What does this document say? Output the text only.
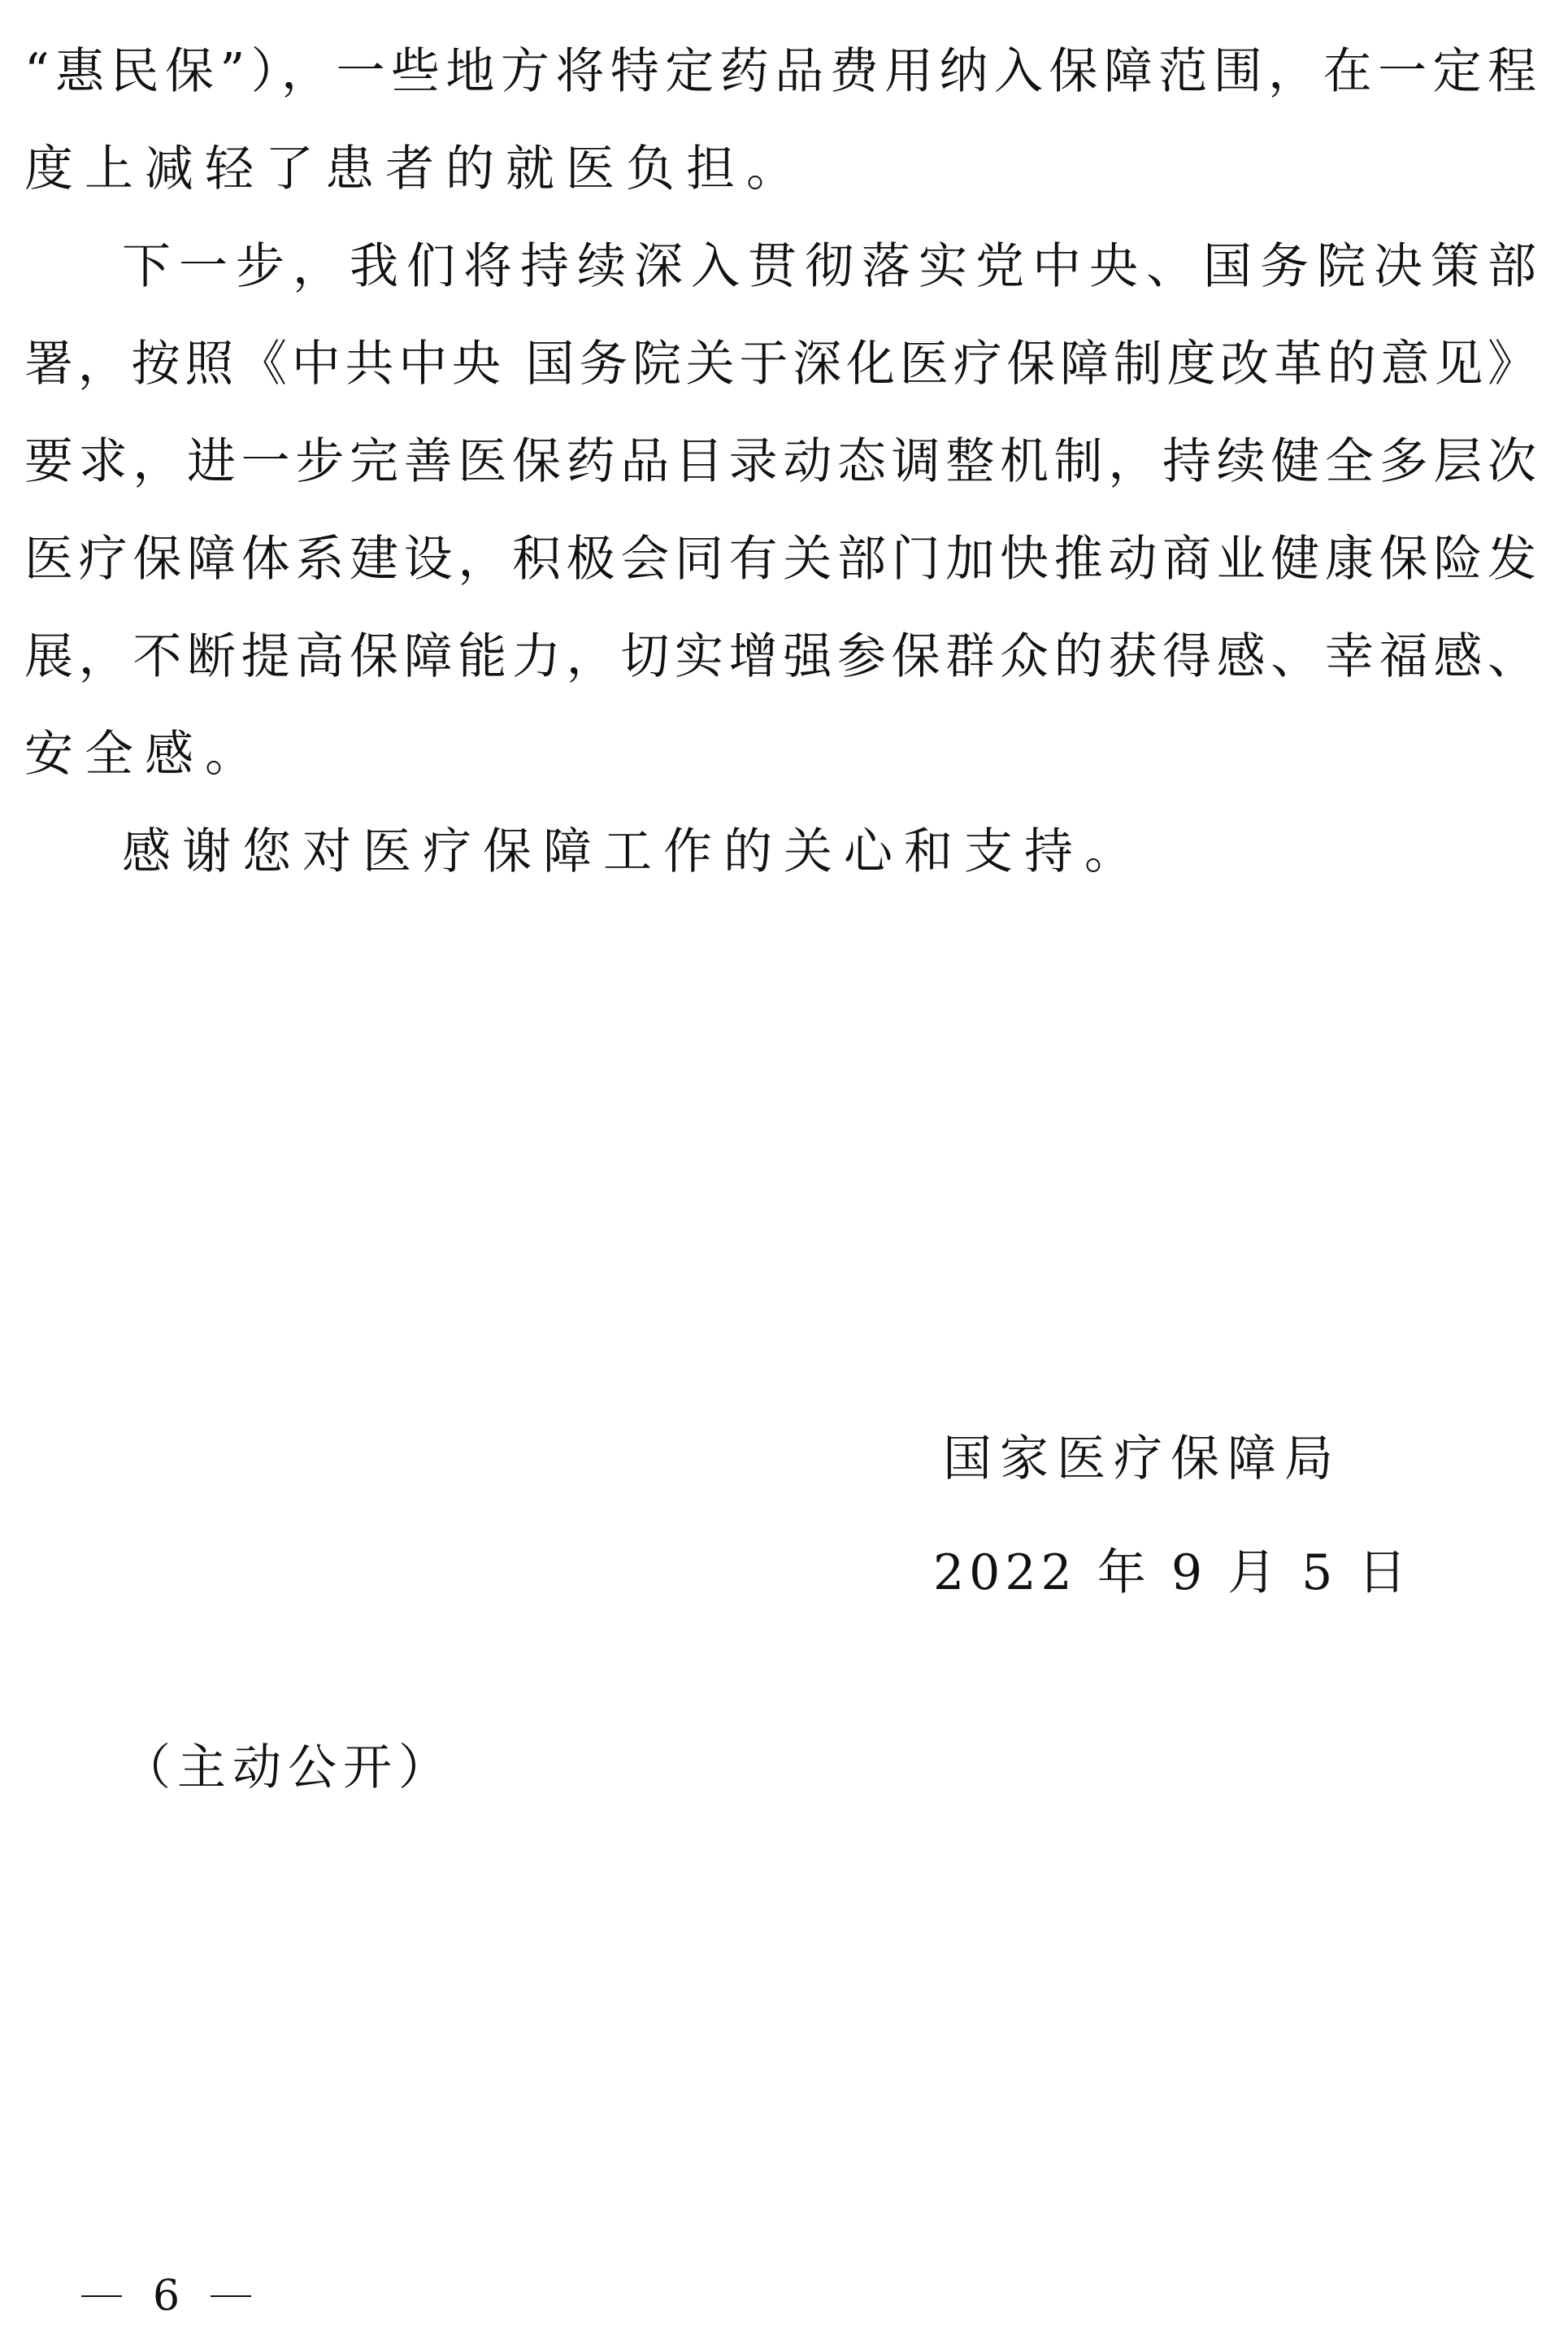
“惠民保”），一些地方将特定药品费用纳入保障范围，在一定程
度上减轻了患者的就医负担。
下一步，我们将持续深入贯彻落实党中央、国务院决策部
署，按照《中共中央 国务院关于深化医疗保障制度改革的意见》
要求，进一步完善医保药品目录动态调整机制，持续健全多层次
医疗保障体系建设，积极会同有关部门加快推动商业健康保险发
展，不断提高保障能力，切实增强参保群众的获得感、幸福感、
安全感。
感谢您对医疗保障工作的关心和支持。
国家医疗保障局
2022 年 9 月 5 日
（主动公开）
6
